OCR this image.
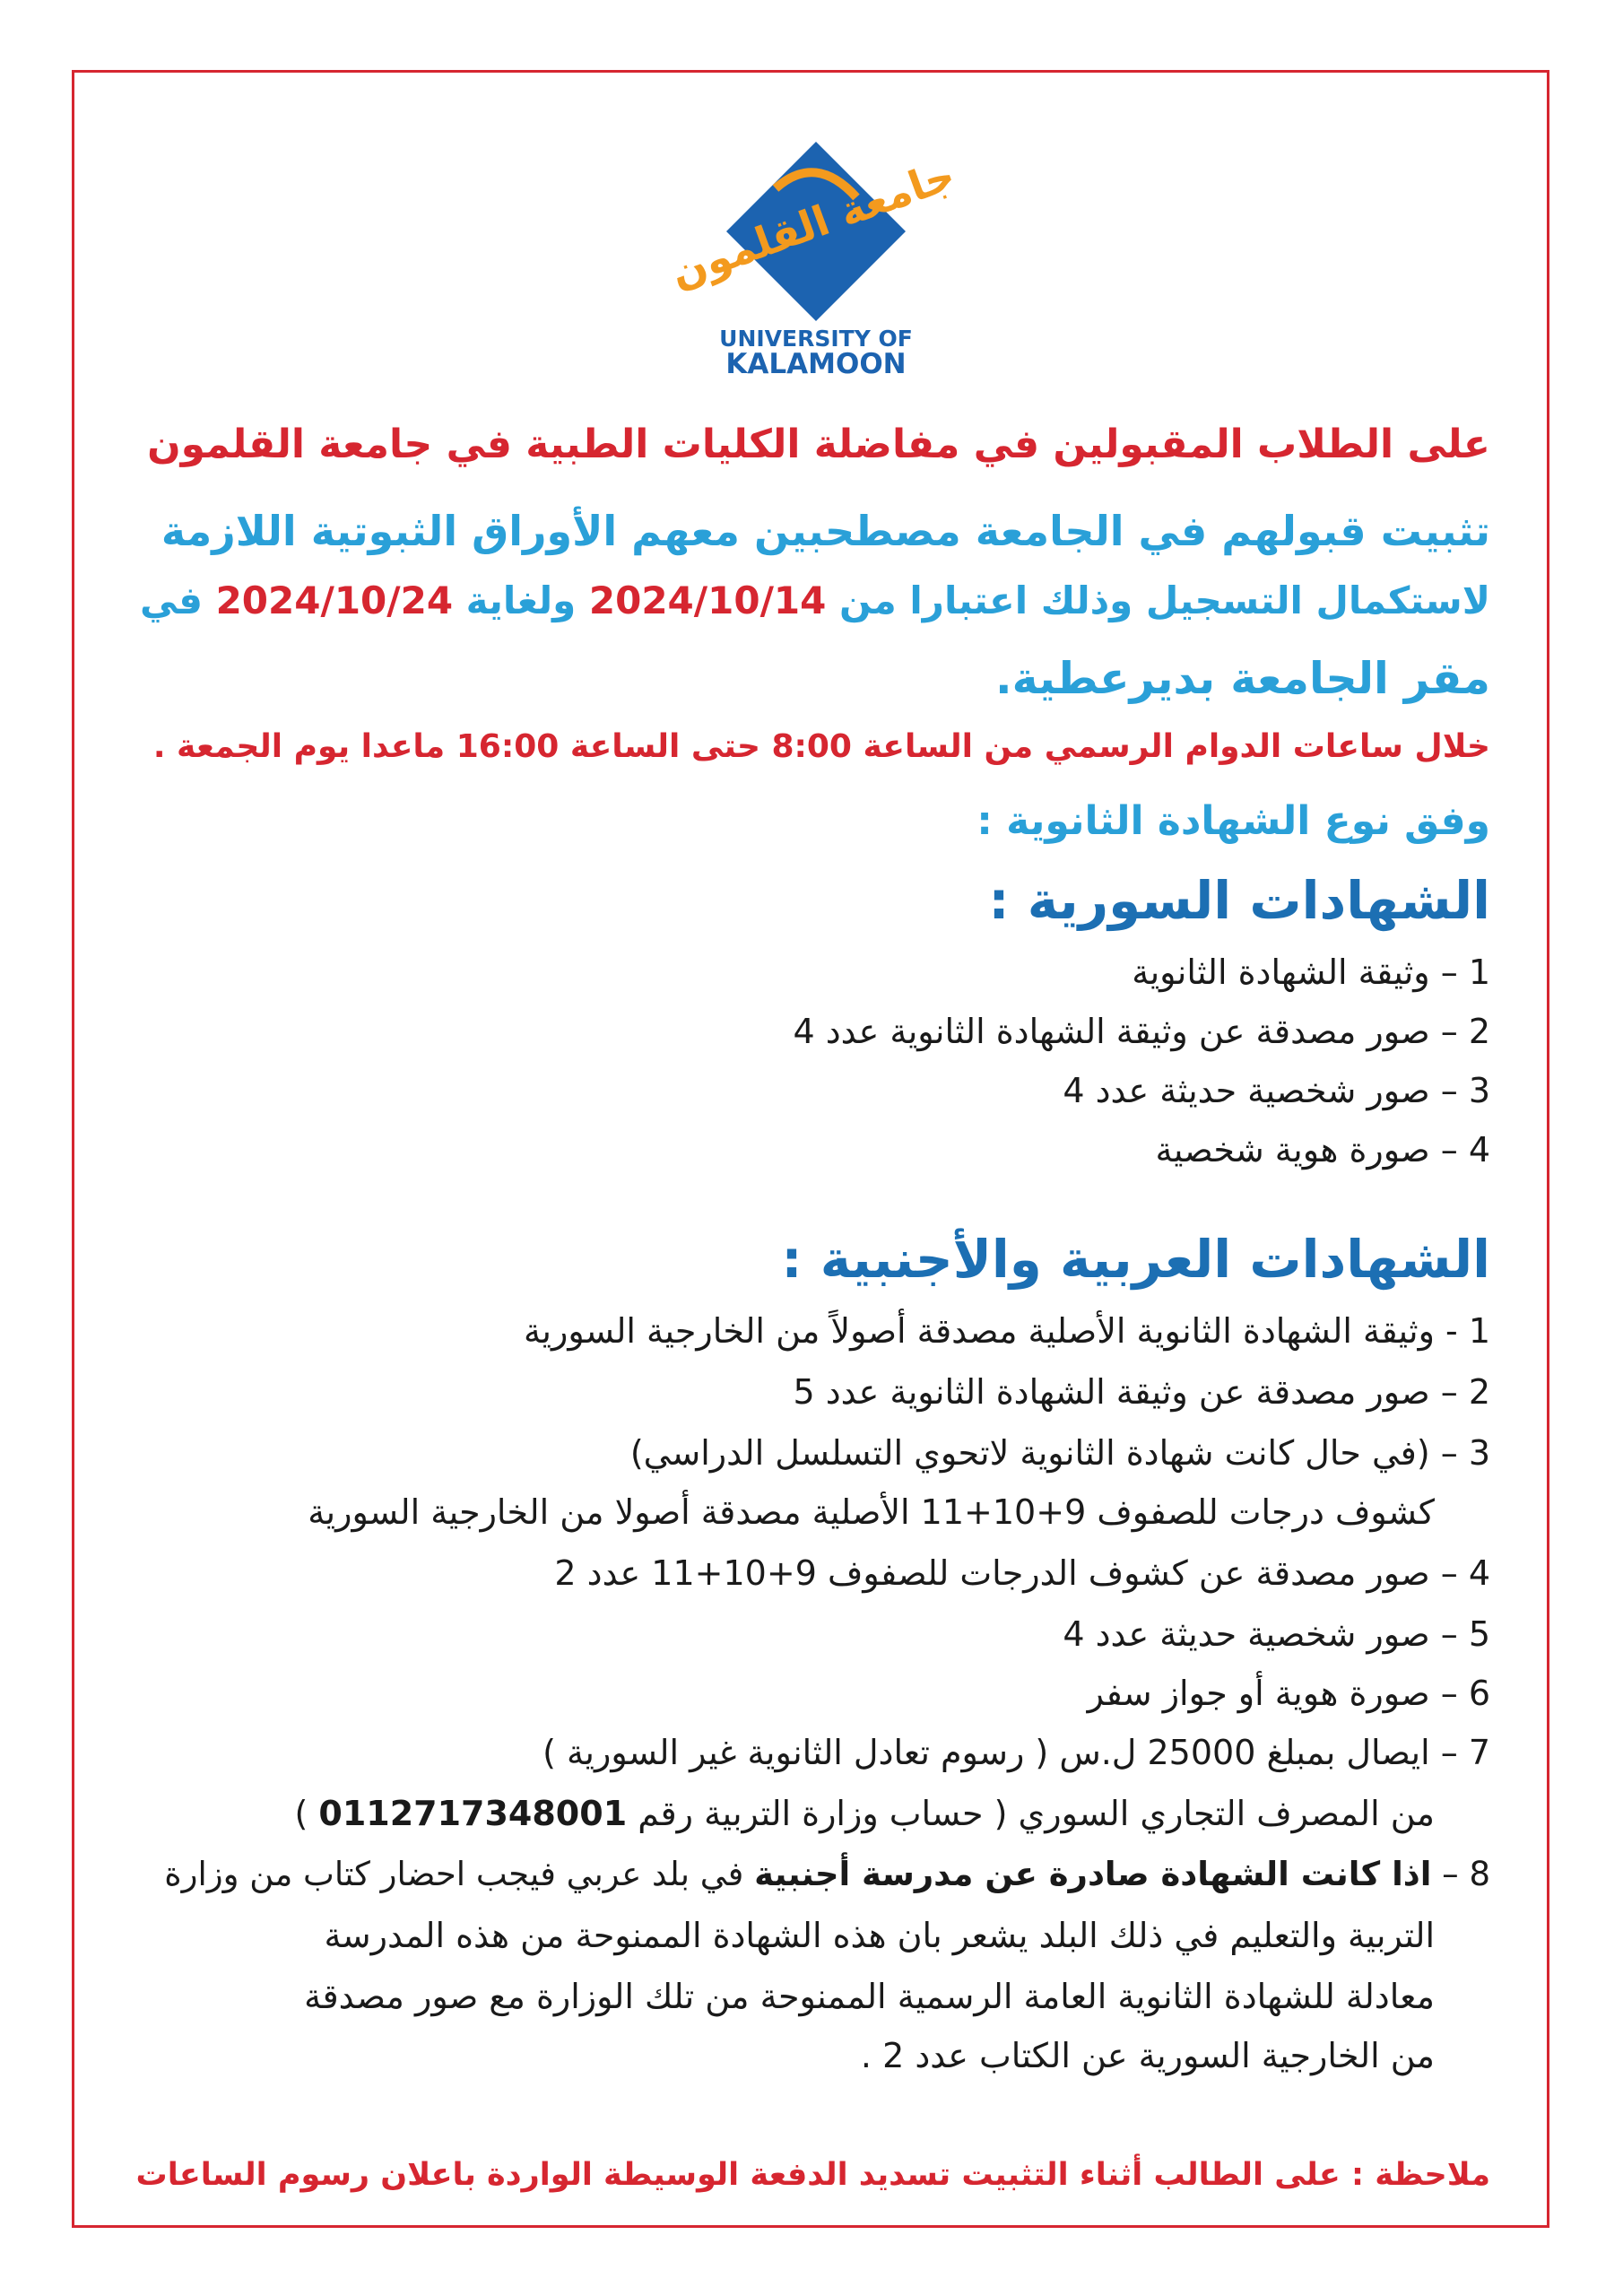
جامعة القلمون
UNIVERSITY OF
KALAMOON
على الطلاب المقبولين في مفاضلة الكليات الطبية في جامعة القلمون
تثبيت قبولهم في الجامعة مصطحبين معهم الأوراق الثبوتية اللازمة
لاستكمال التسجيل وذلك اعتبارا من 2024/10/14 ولغاية 2024/10/24 في
مقر الجامعة بديرعطية.
خلال ساعات الدوام الرسمي من الساعة 8:00 حتى الساعة 16:00 ماعدا يوم الجمعة .
وفق نوع الشهادة الثانوية :
الشهادات السورية :
1 – وثيقة الشهادة الثانوية
2 – صور مصدقة عن وثيقة الشهادة الثانوية عدد 4
3 – صور شخصية حديثة عدد 4
4 – صورة هوية شخصية
الشهادات العربية والأجنبية :
1 - وثيقة الشهادة الثانوية الأصلية مصدقة أصولاً من الخارجية السورية
2 – صور مصدقة عن وثيقة الشهادة الثانوية عدد 5
3 – (في حال كانت شهادة الثانوية لاتحوي التسلسل الدراسي)
كشوف درجات للصفوف 9+10+11 الأصلية مصدقة أصولا من الخارجية السورية
4 – صور مصدقة عن كشوف الدرجات للصفوف 9+10+11 عدد 2
5 – صور شخصية حديثة عدد 4
6 – صورة هوية أو جواز سفر
7 – ايصال بمبلغ 25000 ل.س ( رسوم تعادل الثانوية غير السورية )
من المصرف التجاري السوري ( حساب وزارة التربية رقم 0112717348001 )
8 – اذا كانت الشهادة صادرة عن مدرسة أجنبية في بلد عربي فيجب احضار كتاب من وزارة
التربية والتعليم في ذلك البلد يشعر بان هذه الشهادة الممنوحة من هذه المدرسة
معادلة للشهادة الثانوية العامة الرسمية الممنوحة من تلك الوزارة مع صور مصدقة
من الخارجية السورية عن الكتاب عدد 2 .
ملاحظة : على الطالب أثناء التثبيت تسديد الدفعة الوسيطة الواردة باعلان رسوم الساعات
